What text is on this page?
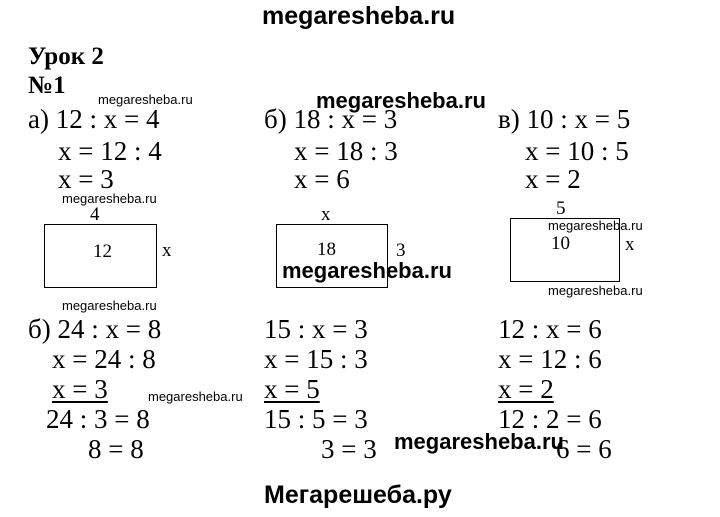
megaresheba.ru
Урок 2
№1
megaresheba.ru	megaresheba.ru
а) 12 : х = 4
х = 12 : 4
х = 3
б) 18 : х = 3
х = 18 : 3
х = 6
в) 10 : х = 5
х = 10 : 5
х = 2
megaresheba.ru
4
12	х
х
18	3
megaresheba.ru
5
10
megaresheba.ru
х
megaresheba.ru
megaresheba.ru
б) 24 : х = 8
х = 24 : 8
х = 3
24 : 3 = 8
8 = 8
megaresheba.ru
15 : х = 3
х = 15 : 3
х = 5
15 : 5 = 3
3 = 3
12 : х = 6
х = 12 : 6
х = 2
12 : 2 = 6
6 = 6
megaresheba.ru
Мегарешеба.ру
